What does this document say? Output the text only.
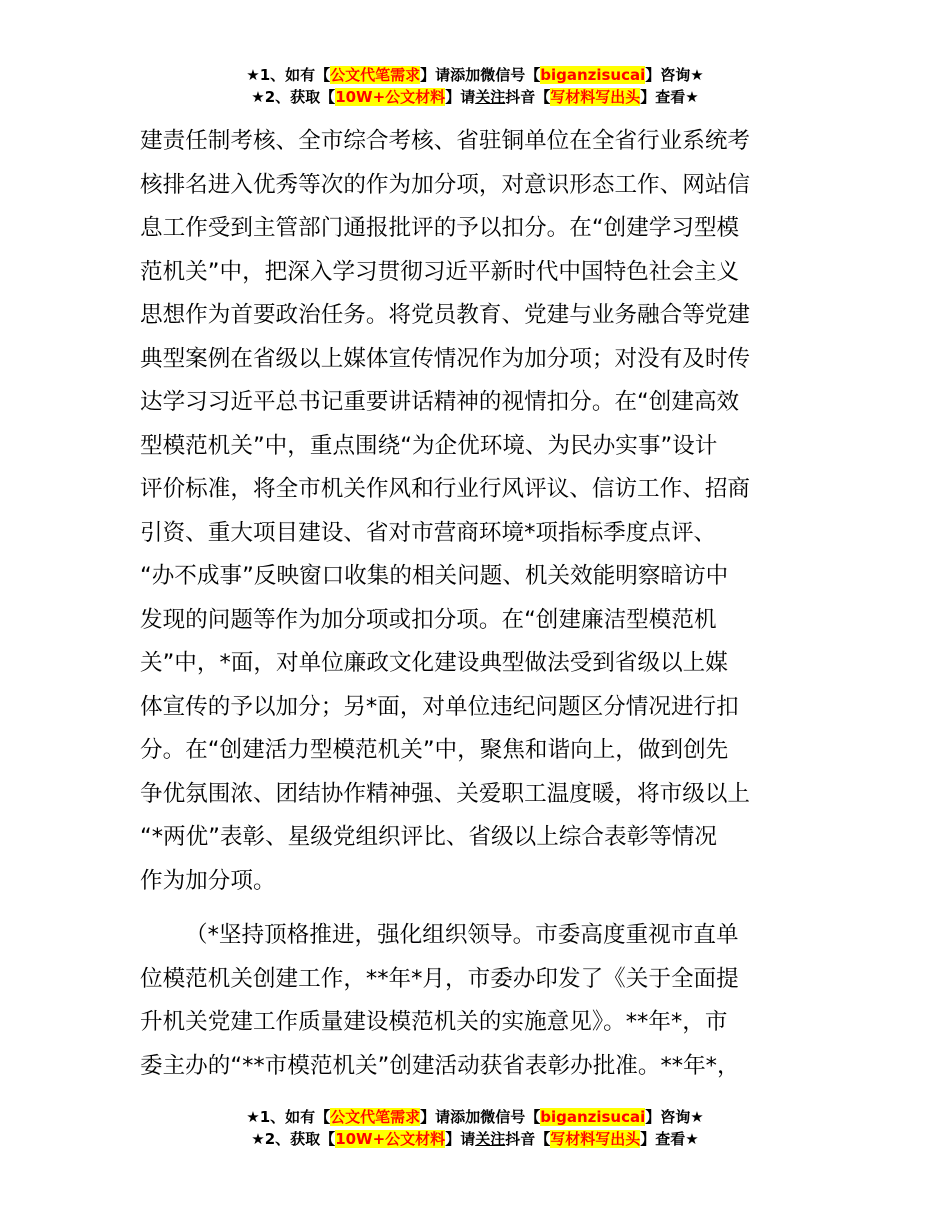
★1、如有【公文代笔需求】请添加微信号【biganzisucai】咨询★
★2、获取【10W+公文材料】请关注抖音【写材料写出头】查看★
建责任制考核、全市综合考核、省驻铜单位在全省行业系统考
核排名进入优秀等次的作为加分项，对意识形态工作、网站信
息工作受到主管部门通报批评的予以扣分。在“创建学习型模
范机关”中，把深入学习贯彻习近平新时代中国特色社会主义
思想作为首要政治任务。将党员教育、党建与业务融合等党建
典型案例在省级以上媒体宣传情况作为加分项；对没有及时传
达学习习近平总书记重要讲话精神的视情扣分。在“创建高效
型模范机关”中，重点围绕“为企优环境、为民办实事”设计
评价标准，将全市机关作风和行业行风评议、信访工作、招商
引资、重大项目建设、省对市营商环境*项指标季度点评、
“办不成事”反映窗口收集的相关问题、机关效能明察暗访中
发现的问题等作为加分项或扣分项。在“创建廉洁型模范机
关”中，*面，对单位廉政文化建设典型做法受到省级以上媒
体宣传的予以加分；另*面，对单位违纪问题区分情况进行扣
分。在“创建活力型模范机关”中，聚焦和谐向上，做到创先
争优氛围浓、团结协作精神强、关爱职工温度暖，将市级以上
“*两优”表彰、星级党组织评比、省级以上综合表彰等情况
作为加分项。
（*坚持顶格推进，强化组织领导。市委高度重视市直单
位模范机关创建工作，**年*月，市委办印发了《关于全面提
升机关党建工作质量建设模范机关的实施意见》。**年*，市
委主办的“**市模范机关”创建活动获省表彰办批准。**年*，
★1、如有【公文代笔需求】请添加微信号【biganzisucai】咨询★
★2、获取【10W+公文材料】请关注抖音【写材料写出头】查看★
